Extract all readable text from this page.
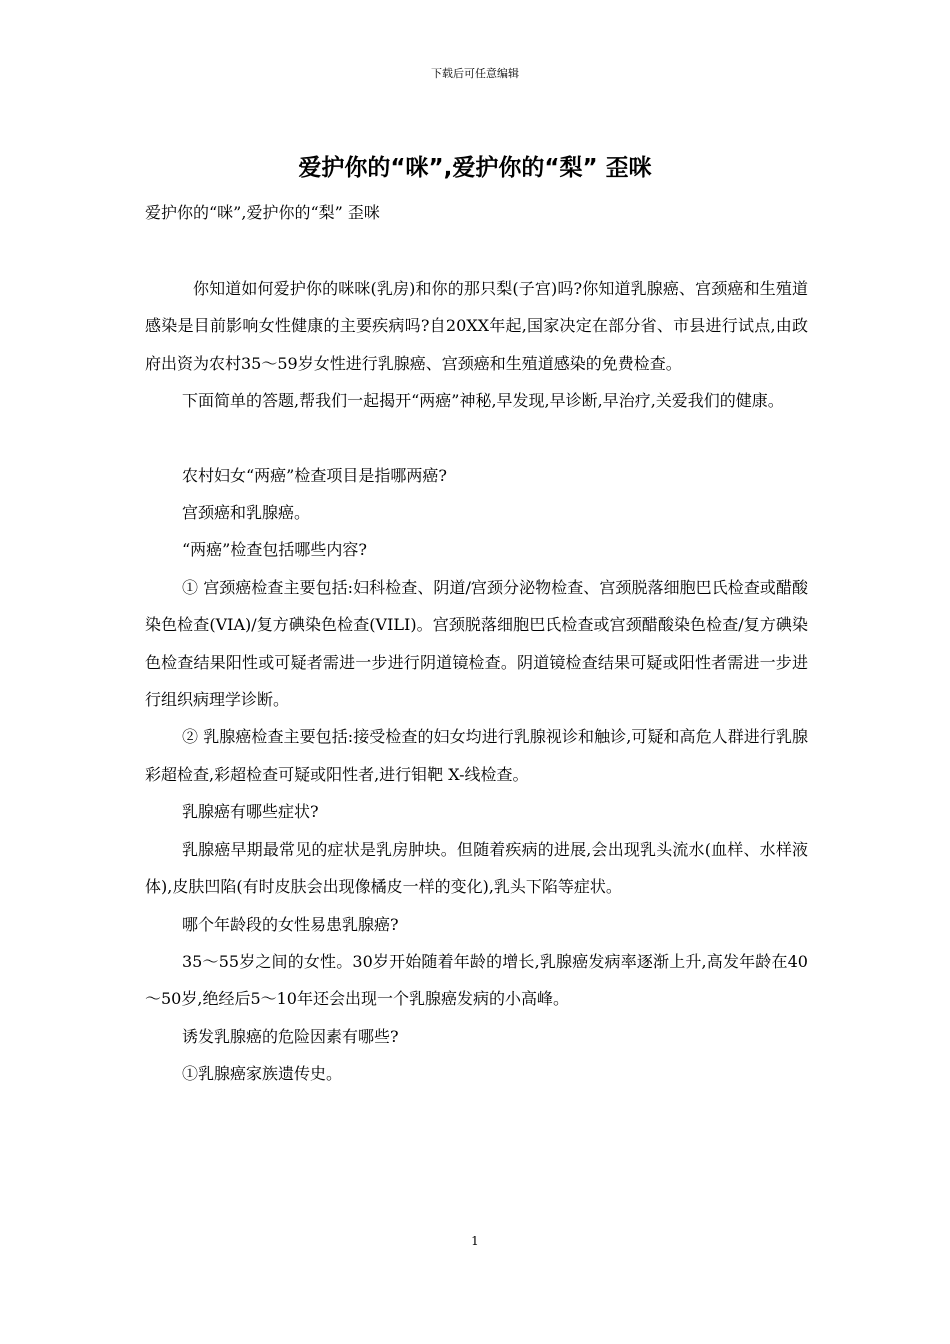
下载后可任意编辑
爱护你的“咪”,爱护你的“梨” 歪咪
爱护你的“咪”,爱护你的“梨” 歪咪

你知道如何爱护你的咪咪(乳房)和你的那只梨(子宫)吗?你知道乳腺癌、宫颈癌和生殖道感染是目前影响女性健康的主要疾病吗?自20XX年起,国家决定在部分省、市县进行试点,由政府出资为农村35～59岁女性进行乳腺癌、宫颈癌和生殖道感染的免费检查。

下面简单的答题,帮我们一起揭开“两癌”神秘,早发现,早诊断,早治疗,关爱我们的健康。

农村妇女“两癌”检查项目是指哪两癌?

宫颈癌和乳腺癌。

“两癌”检查包括哪些内容?

① 宫颈癌检查主要包括:妇科检查、阴道/宫颈分泌物检查、宫颈脱落细胞巴氏检查或醋酸染色检查(VIA)/复方碘染色检查(VILI)。宫颈脱落细胞巴氏检查或宫颈醋酸染色检查/复方碘染色检查结果阳性或可疑者需进一步进行阴道镜检查。阴道镜检查结果可疑或阳性者需进一步进行组织病理学诊断。

② 乳腺癌检查主要包括:接受检查的妇女均进行乳腺视诊和触诊,可疑和高危人群进行乳腺彩超检查,彩超检查可疑或阳性者,进行钼靶 X-线检查。

乳腺癌有哪些症状?

乳腺癌早期最常见的症状是乳房肿块。但随着疾病的进展,会出现乳头流水(血样、水样液体),皮肤凹陷(有时皮肤会出现像橘皮一样的变化),乳头下陷等症状。

哪个年龄段的女性易患乳腺癌?

35～55岁之间的女性。30岁开始随着年龄的增长,乳腺癌发病率逐渐上升,高发年龄在40～50岁,绝经后5～10年还会出现一个乳腺癌发病的小高峰。

诱发乳腺癌的危险因素有哪些?

①乳腺癌家族遗传史。

1
